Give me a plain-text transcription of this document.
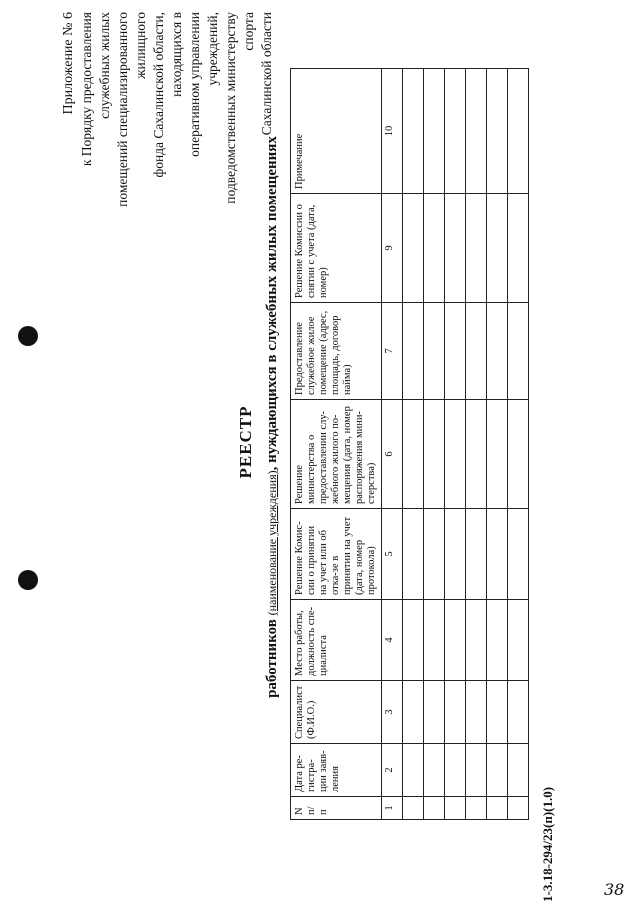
Приложение № 6 к Порядку предоставления служебных жилых помещений специализированного жилищного фонда Сахалинской области, находящихся в оперативном управлении учреждений, подведомственных министерству спорта Сахалинской области
РЕЕСТР
работников (наименование учреждения), нуждающихся в служебных жилых помещениях
N п/п	Дата ре-гистра-ции заяв-ления	Специалист (Ф.И.О.)	Место работы, должность спе-циалиста	Решение Комис-сии о принятии на учет или об отка-зе в принятии на учет (дата, номер протокола)	Решение министерства о предоставлении слу-жебного жилого по-мещения (дата, номер распоряжения мини-стерства)	Предоставление служебное жилое помещение (адрес, площадь, договор найма)	Решение Комиссии о снятии с учета (дата, номер)	Примечание
1	2	3	4	5	6	7	9	10

1-3.18-294/23(п)(1.0)	38
